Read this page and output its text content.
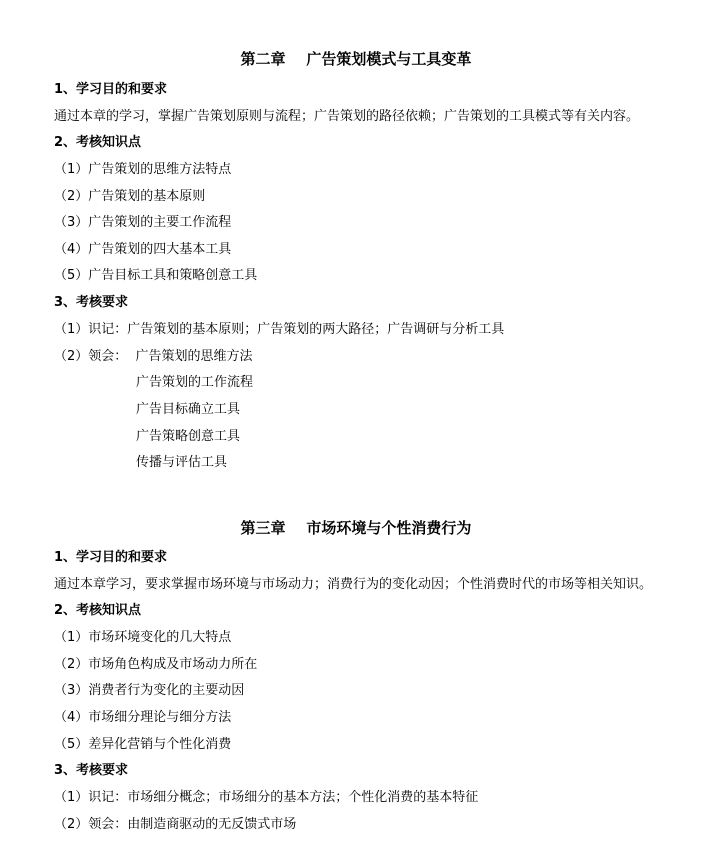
第二章    广告策划模式与工具变革
1、学习目的和要求
通过本章的学习，掌握广告策划原则与流程；广告策划的路径依赖；广告策划的工具模式等有关内容。
2、考核知识点
（1）广告策划的思维方法特点
（2）广告策划的基本原则
（3）广告策划的主要工作流程
（4）广告策划的四大基本工具
（5）广告目标工具和策略创意工具
3、考核要求
（1）识记：广告策划的基本原则；广告策划的两大路径；广告调研与分析工具
（2）领会：  广告策划的思维方法
广告策划的工作流程
广告目标确立工具
广告策略创意工具
传播与评估工具
第三章    市场环境与个性消费行为
1、学习目的和要求
通过本章学习，要求掌握市场环境与市场动力；消费行为的变化动因；个性消费时代的市场等相关知识。
2、考核知识点
（1）市场环境变化的几大特点
（2）市场角色构成及市场动力所在
（3）消费者行为变化的主要动因
（4）市场细分理论与细分方法
（5）差异化营销与个性化消费
3、考核要求
（1）识记：市场细分概念；市场细分的基本方法；个性化消费的基本特征
（2）领会：由制造商驱动的无反馈式市场
